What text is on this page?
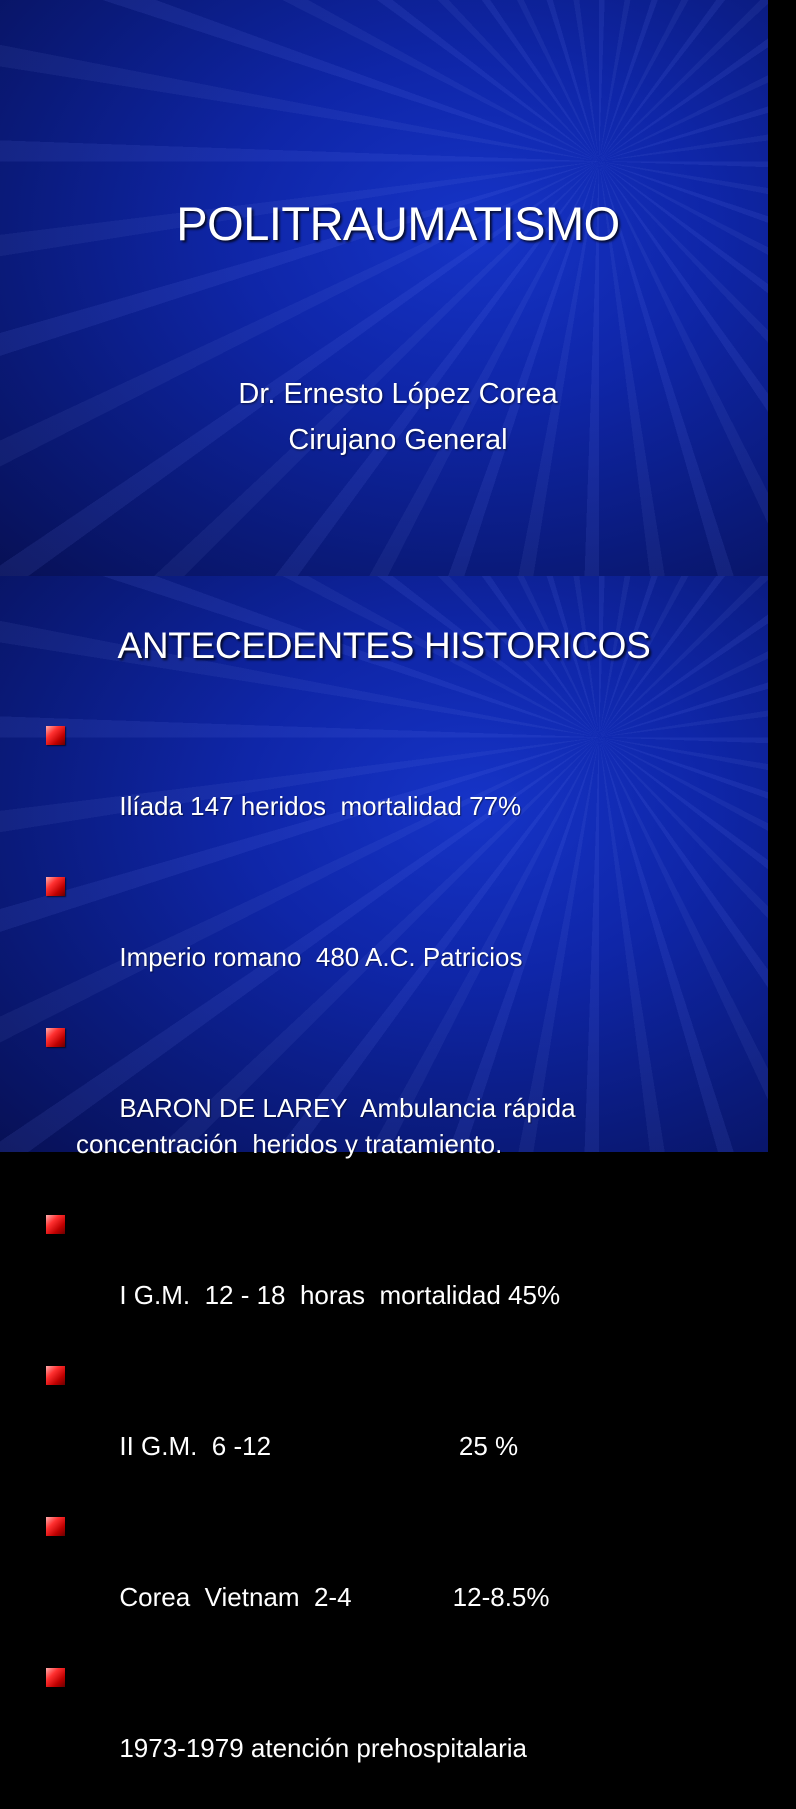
POLITRAUMATISMO
Dr. Ernesto López Corea
Cirujano General
ANTECEDENTES HISTORICOS

Ilíada 147 heridos  mortalidad 77%

Imperio romano  480 A.C. Patricios

BARON DE LAREY  Ambulancia rápida
concentración  heridos y tratamiento.

I G.M.  12 - 18  horas  mortalidad 45%

II G.M.  6 -12                          25 %

Corea  Vietnam  2-4              12-8.5%

1973-1979 atención prehospitalaria
